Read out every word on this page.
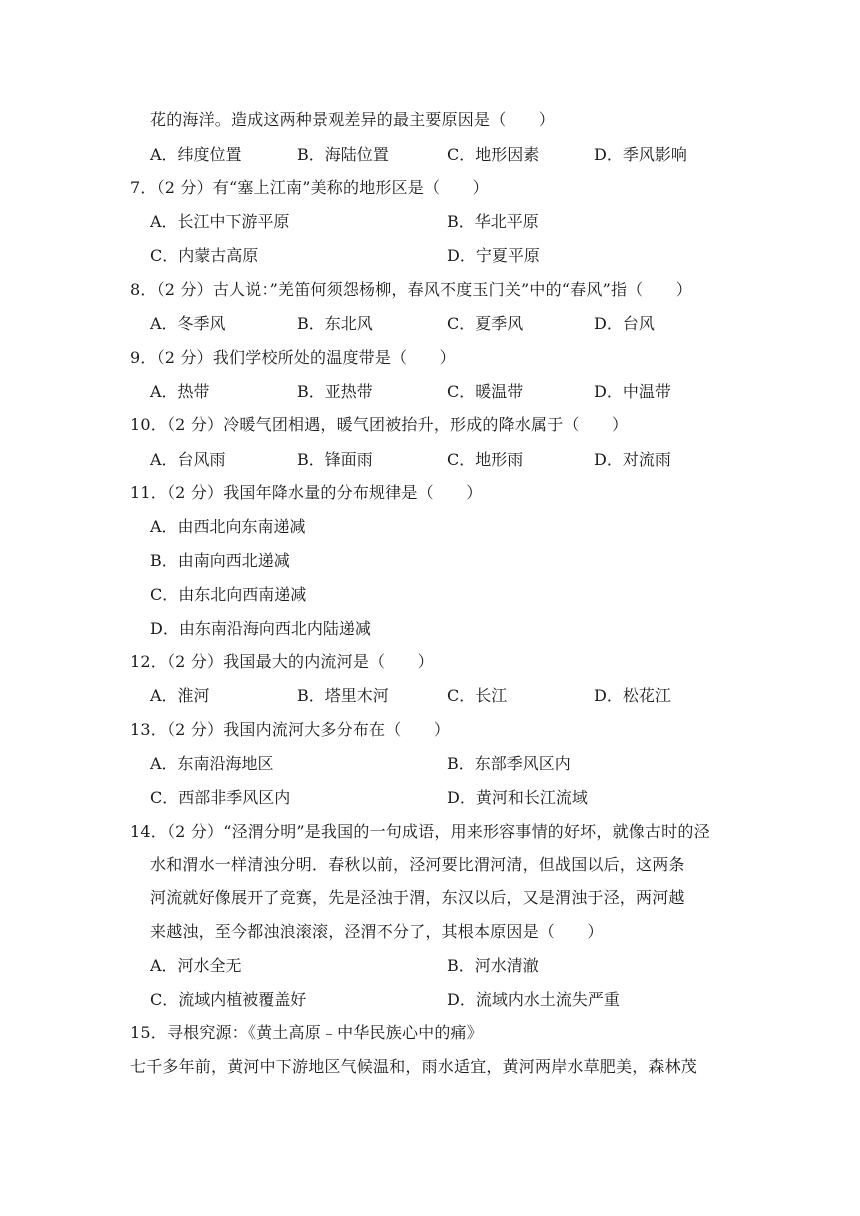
花的海洋。造成这两种景观差异的最主要原因是（　　）
A．纬度位置	B．海陆位置	C．地形因素	D．季风影响
7．（2 分）有“塞上江南”美称的地形区是（　　）
A．长江中下游平原	B．华北平原
C．内蒙古高原	D．宁夏平原
8．（2 分）古人说：”羌笛何须怨杨柳，春风不度玉门关”中的“春风”指（　　）
A．冬季风	B．东北风	C．夏季风	D．台风
9．（2 分）我们学校所处的温度带是（　　）
A．热带	B．亚热带	C．暖温带	D．中温带
10．（2 分）冷暖气团相遇，暖气团被抬升，形成的降水属于（　　）
A．台风雨	B．锋面雨	C．地形雨	D．对流雨
11．（2 分）我国年降水量的分布规律是（　　）
A．由西北向东南递减
B．由南向西北递减
C．由东北向西南递减
D．由东南沿海向西北内陆递减
12．（2 分）我国最大的内流河是（　　）
A．淮河	B．塔里木河	C．长江	D．松花江
13．（2 分）我国内流河大多分布在（　　）
A．东南沿海地区	B．东部季风区内
C．西部非季风区内	D．黄河和长江流域
14．（2 分）“泾渭分明”是我国的一句成语，用来形容事情的好坏，就像古时的泾
水和渭水一样清浊分明．春秋以前，泾河要比渭河清，但战国以后，这两条
河流就好像展开了竞赛，先是泾浊于渭，东汉以后，又是渭浊于泾，两河越
来越浊，至今都浊浪滚滚，泾渭不分了，其根本原因是（　　）
A．河水全无	B．河水清澈
C．流域内植被覆盖好	D．流域内水土流失严重
15．寻根究源：《黄土高原﹣中华民族心中的痛》
七千多年前，黄河中下游地区气候温和，雨水适宜，黄河两岸水草肥美，森林茂
